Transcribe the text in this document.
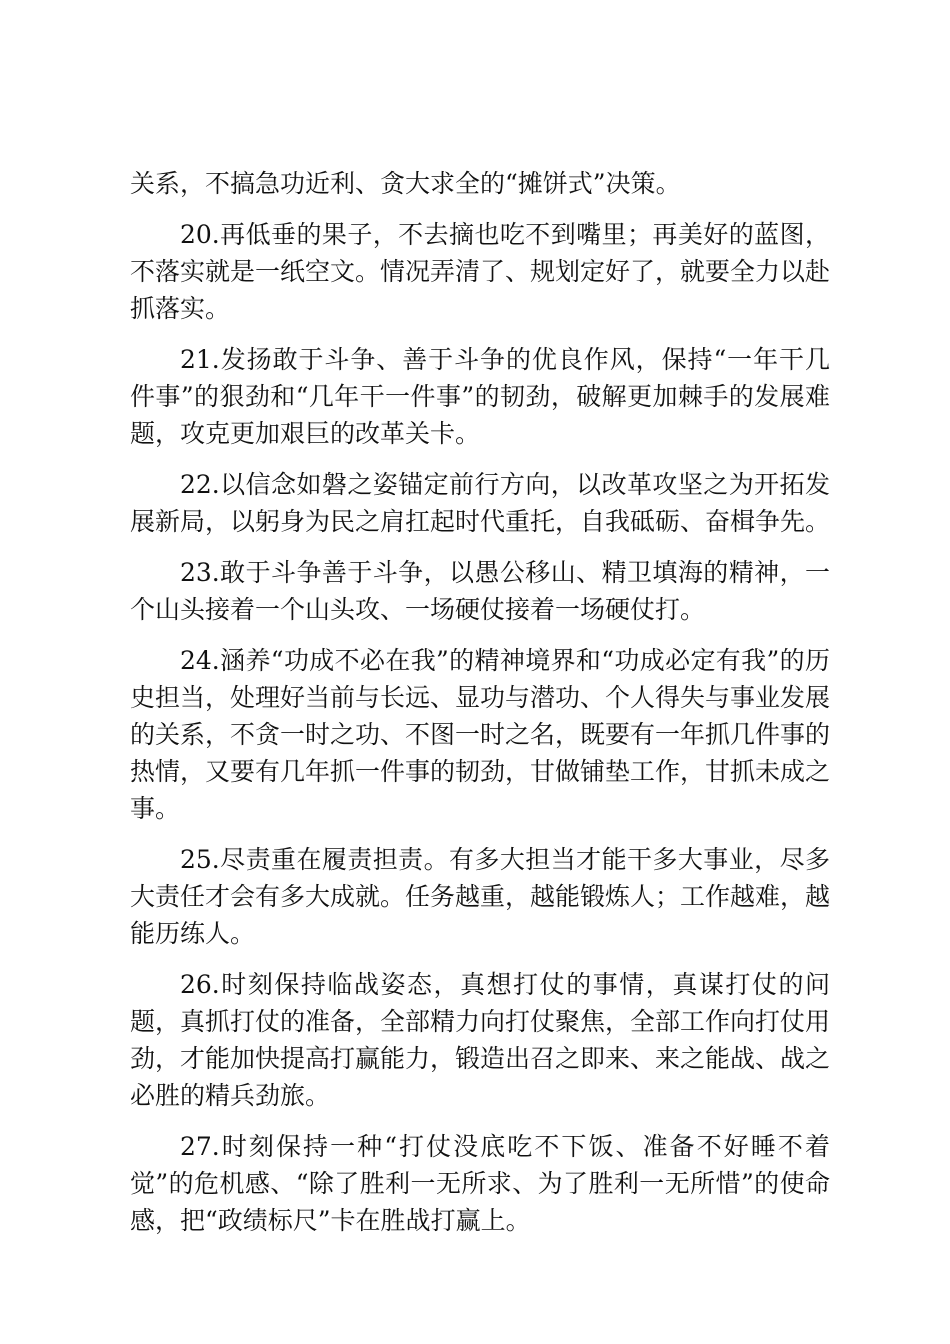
关系，不搞急功近利、贪大求全的“摊饼式”决策。

20.再低垂的果子，不去摘也吃不到嘴里；再美好的蓝图，不落实就是一纸空文。情况弄清了、规划定好了，就要全力以赴抓落实。

21.发扬敢于斗争、善于斗争的优良作风，保持“一年干几件事”的狠劲和“几年干一件事”的韧劲，破解更加棘手的发展难题，攻克更加艰巨的改革关卡。

22.以信念如磐之姿锚定前行方向，以改革攻坚之为开拓发展新局，以躬身为民之肩扛起时代重托，自我砥砺、奋楫争先。

23.敢于斗争善于斗争，以愚公移山、精卫填海的精神，一个山头接着一个山头攻、一场硬仗接着一场硬仗打。

24.涵养“功成不必在我”的精神境界和“功成必定有我”的历史担当，处理好当前与长远、显功与潜功、个人得失与事业发展的关系，不贪一时之功、不图一时之名，既要有一年抓几件事的热情，又要有几年抓一件事的韧劲，甘做铺垫工作，甘抓未成之事。

25.尽责重在履责担责。有多大担当才能干多大事业，尽多大责任才会有多大成就。任务越重，越能锻炼人；工作越难，越能历练人。

26.时刻保持临战姿态，真想打仗的事情，真谋打仗的问题，真抓打仗的准备，全部精力向打仗聚焦，全部工作向打仗用劲，才能加快提高打赢能力，锻造出召之即来、来之能战、战之必胜的精兵劲旅。

27.时刻保持一种“打仗没底吃不下饭、准备不好睡不着觉”的危机感、“除了胜利一无所求、为了胜利一无所惜”的使命感，把“政绩标尺”卡在胜战打赢上。
